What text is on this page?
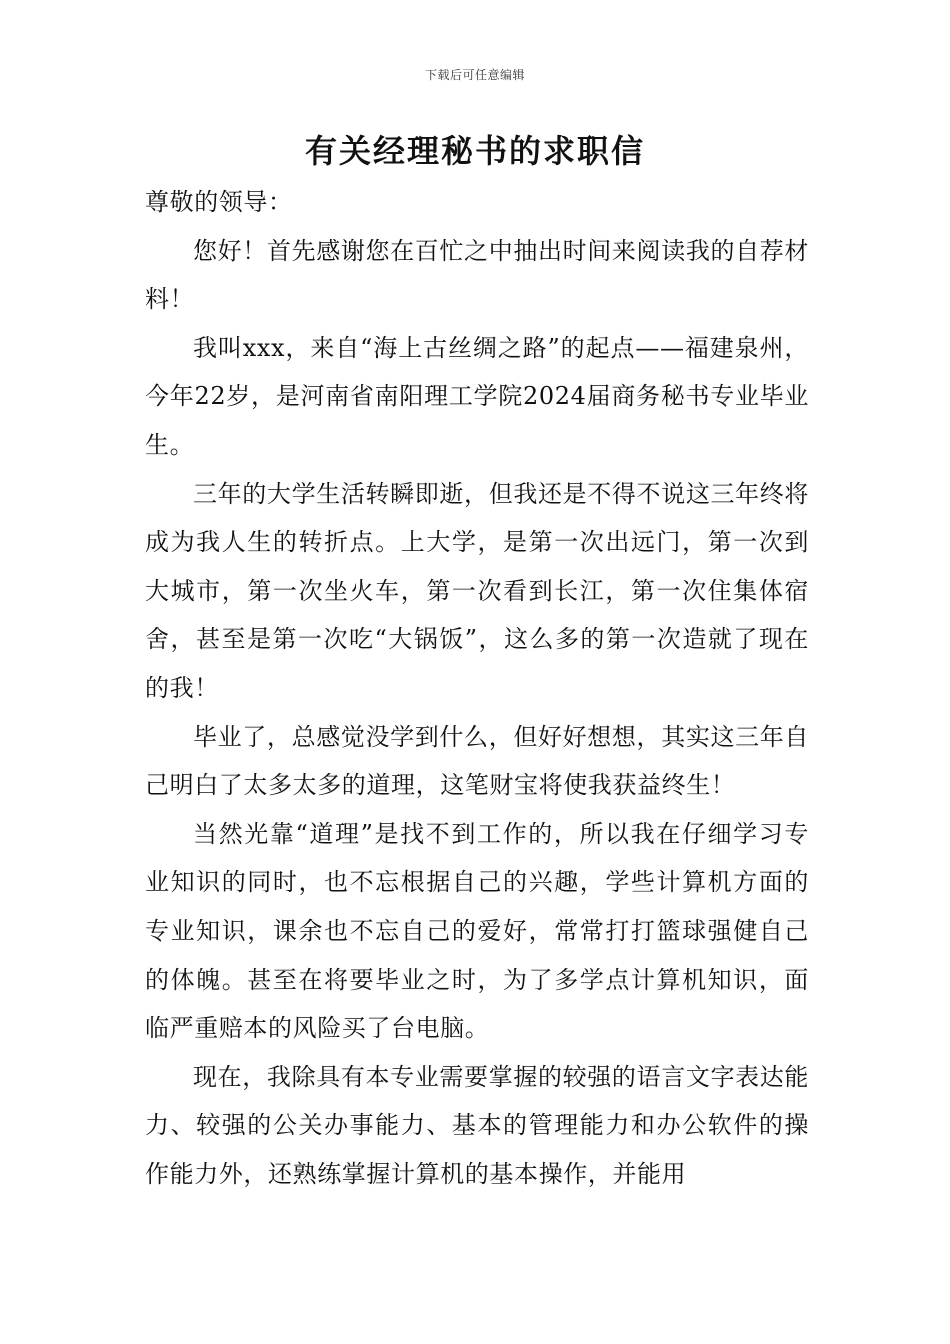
下载后可任意编辑
有关经理秘书的求职信

尊敬的领导：

您好！首先感谢您在百忙之中抽出时间来阅读我的自荐材料！

我叫xxx，来自“海上古丝绸之路”的起点——福建泉州，今年22岁，是河南省南阳理工学院2024届商务秘书专业毕业生。

三年的大学生活转瞬即逝，但我还是不得不说这三年终将成为我人生的转折点。上大学，是第一次出远门，第一次到大城市，第一次坐火车，第一次看到长江，第一次住集体宿舍，甚至是第一次吃“大锅饭”，这么多的第一次造就了现在的我！

毕业了，总感觉没学到什么，但好好想想，其实这三年自己明白了太多太多的道理，这笔财宝将使我获益终生！

当然光靠“道理”是找不到工作的，所以我在仔细学习专业知识的同时，也不忘根据自己的兴趣，学些计算机方面的专业知识，课余也不忘自己的爱好，常常打打篮球强健自己的体魄。甚至在将要毕业之时，为了多学点计算机知识，面临严重赔本的风险买了台电脑。

现在，我除具有本专业需要掌握的较强的语言文字表达能力、较强的公关办事能力、基本的管理能力和办公软件的操作能力外，还熟练掌握计算机的基本操作，并能用
